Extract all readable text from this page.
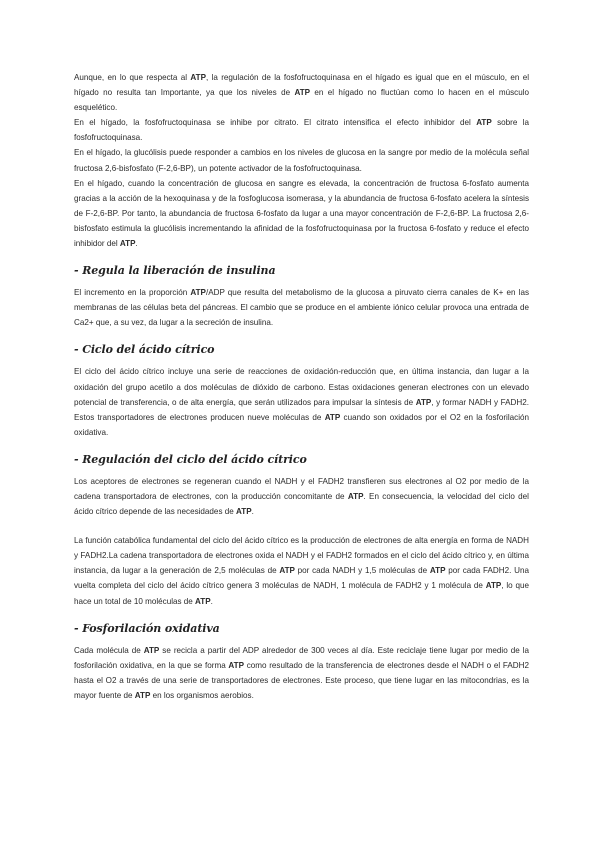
Aunque, en lo que respecta al ATP, la regulación de la fosfofructoquinasa en el hígado es igual que en el músculo, en el hígado no resulta tan Importante, ya que los niveles de ATP en el hígado no fluctúan como lo hacen en el músculo esquelético.

En el hígado, la fosfofructoquinasa se inhibe por citrato. El citrato intensifica el efecto inhibidor del ATP sobre la fosfofructoquinasa.

En el hígado, la glucólisis puede responder a cambios en los niveles de glucosa en la sangre por medio de la molécula señal fructosa 2,6-bisfosfato (F-2,6-BP), un potente activador de la fosfofructoquinasa.

En el hígado, cuando la concentración de glucosa en sangre es elevada, la concentración de fructosa 6-fosfato aumenta gracias a la acción de la hexoquinasa y de la fosfoglucosa isomerasa, y la abundancia de fructosa 6-fosfato acelera la síntesis de F-2,6-BP. Por tanto, la abundancia de fructosa 6-fosfato da lugar a una mayor concentración de F-2,6-BP. La fructosa 2,6-bisfosfato estimula la glucólisis incrementando la afinidad de la fosfofructoquinasa por la fructosa 6-fosfato y reduce el efecto inhibidor del ATP.

- Regula la liberación de insulina

El incremento en la proporción ATP/ADP que resulta del metabolismo de la glucosa a piruvato cierra canales de K+ en las membranas de las células beta del páncreas. El cambio que se produce en el ambiente iónico celular provoca una entrada de Ca2+ que, a su vez, da lugar a la secreción de insulina.

- Ciclo del ácido cítrico

El ciclo del ácido cítrico incluye una serie de reacciones de oxidación-reducción que, en última instancia, dan lugar a la oxidación del grupo acetilo a dos moléculas de dióxido de carbono. Estas oxidaciones generan electrones con un elevado potencial de transferencia, o de alta energía, que serán utilizados para impulsar la síntesis de ATP, y formar NADH y FADH2. Estos transportadores de electrones producen nueve moléculas de ATP cuando son oxidados por el O2 en la fosforilación oxidativa.

- Regulación del ciclo del ácido cítrico

Los aceptores de electrones se regeneran cuando el NADH y el FADH2 transfieren sus electrones al O2 por medio de la cadena transportadora de electrones, con la producción concomitante de ATP. En consecuencia, la velocidad del ciclo del ácido cítrico depende de las necesidades de ATP.

La función catabólica fundamental del ciclo del ácido cítrico es la producción de electrones de alta energía en forma de NADH y FADH2.La cadena transportadora de electrones oxida el NADH y el FADH2 formados en el ciclo del ácido cítrico y, en última instancia, da lugar a la generación de 2,5 moléculas de ATP por cada NADH y 1,5 moléculas de ATP por cada FADH2. Una vuelta completa del ciclo del ácido cítrico genera 3 moléculas de NADH, 1 molécula de FADH2 y 1 molécula de ATP, lo que hace un total de 10 moléculas de ATP.

- Fosforilación oxidativa

Cada molécula de ATP se recicla a partir del ADP alrededor de 300 veces al día. Este reciclaje tiene lugar por medio de la fosforilación oxidativa, en la que se forma ATP como resultado de la transferencia de electrones desde el NADH o el FADH2 hasta el O2 a través de una serie de transportadores de electrones. Este proceso, que tiene lugar en las mitocondrias, es la mayor fuente de ATP en los organismos aerobios.
